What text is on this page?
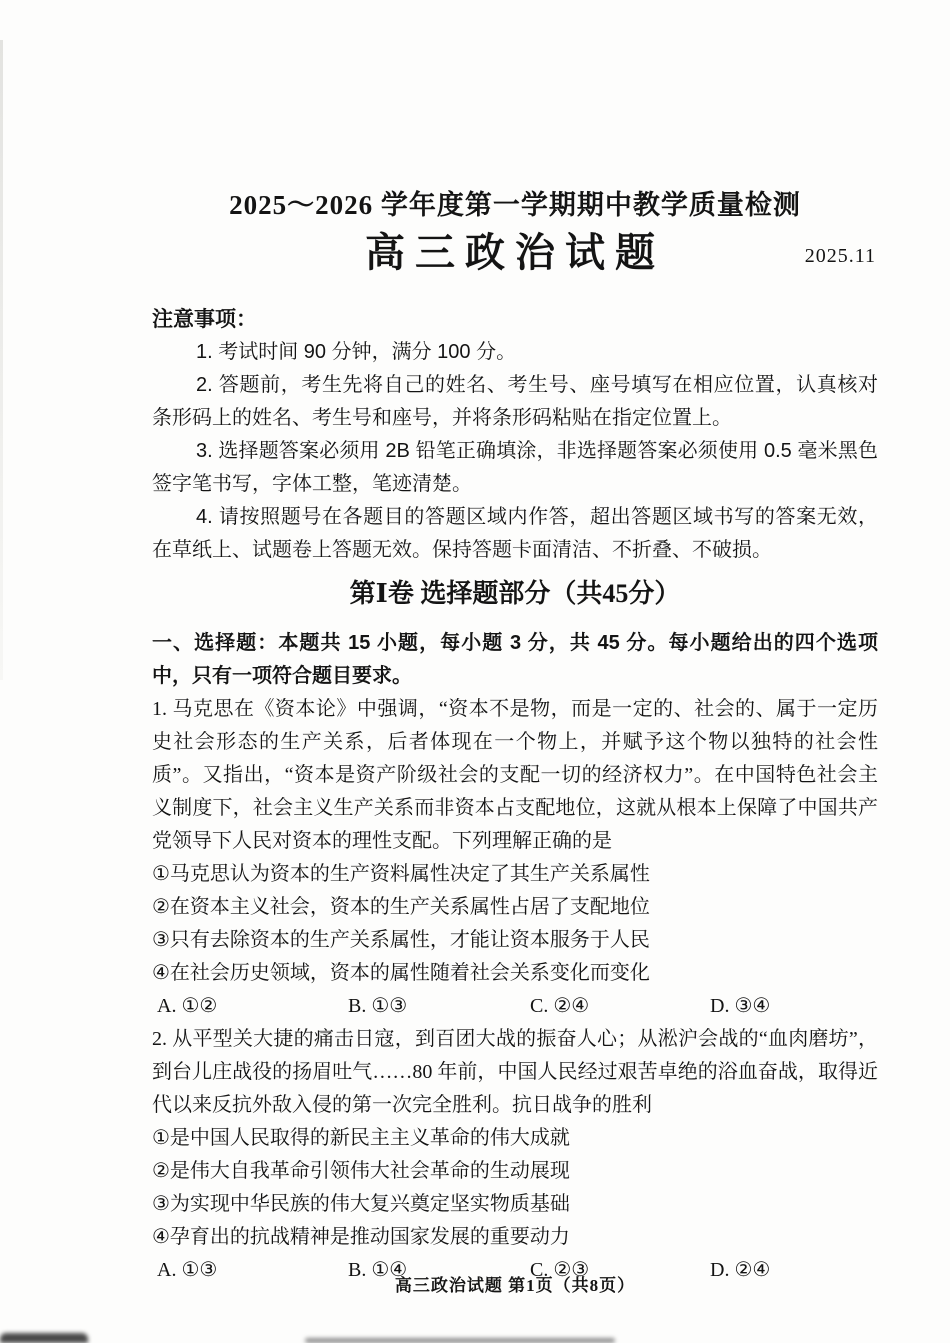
2025～2026 学年度第一学期期中教学质量检测
高三政治试题	2025.11
注意事项：

1. 考试时间 90 分钟，满分 100 分。

2. 答题前，考生先将自己的姓名、考生号、座号填写在相应位置，认真核对条形码上的姓名、考生号和座号，并将条形码粘贴在指定位置上。

3. 选择题答案必须用 2B 铅笔正确填涂，非选择题答案必须使用 0.5 毫米黑色签字笔书写，字体工整，笔迹清楚。

4. 请按照题号在各题目的答题区域内作答，超出答题区域书写的答案无效，在草纸上、试题卷上答题无效。保持答题卡面清洁、不折叠、不破损。

第Ⅰ卷 选择题部分（共45分）

一、选择题：本题共 15 小题，每小题 3 分，共 45 分。每小题给出的四个选项中，只有一项符合题目要求。

1. 马克思在《资本论》中强调，“资本不是物，而是一定的、社会的、属于一定历史社会形态的生产关系，后者体现在一个物上，并赋予这个物以独特的社会性质”。又指出，“资本是资产阶级社会的支配一切的经济权力”。在中国特色社会主义制度下，社会主义生产关系而非资本占支配地位，这就从根本上保障了中国共产党领导下人民对资本的理性支配。下列理解正确的是

①马克思认为资本的生产资料属性决定了其生产关系属性

②在资本主义社会，资本的生产关系属性占居了支配地位

③只有去除资本的生产关系属性，才能让资本服务于人民

④在社会历史领域，资本的属性随着社会关系变化而变化

A. ①②	B. ①③	C. ②④	D. ③④

2. 从平型关大捷的痛击日寇，到百团大战的振奋人心；从淞沪会战的“血肉磨坊”，到台儿庄战役的扬眉吐气……80 年前，中国人民经过艰苦卓绝的浴血奋战，取得近代以来反抗外敌入侵的第一次完全胜利。抗日战争的胜利

①是中国人民取得的新民主主义革命的伟大成就

②是伟大自我革命引领伟大社会革命的生动展现

③为实现中华民族的伟大复兴奠定坚实物质基础

④孕育出的抗战精神是推动国家发展的重要动力

A. ①③	B. ①④	C. ②③	D. ②④
高三政治试题 第1页（共8页）
